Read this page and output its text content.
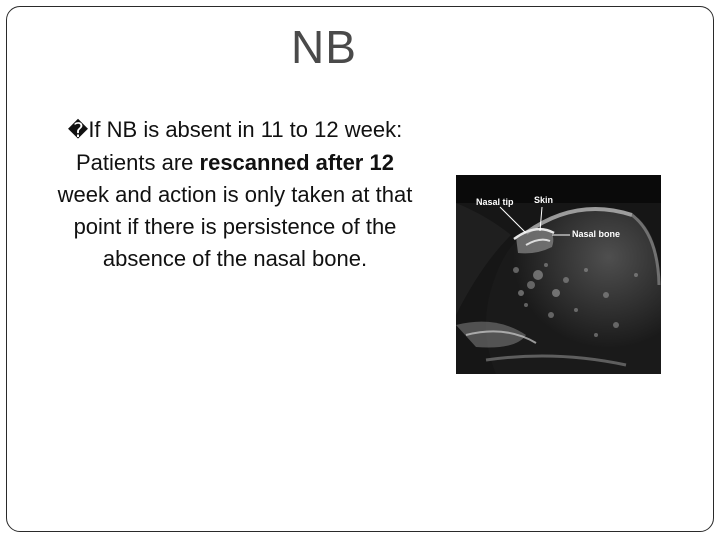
NB
�If NB is absent in 11 to 12 week:
Patients are rescanned after 12 week and action is only taken at that point if there is persistence of the absence of the nasal bone.
Nasal tip Skin
Nasal bone
